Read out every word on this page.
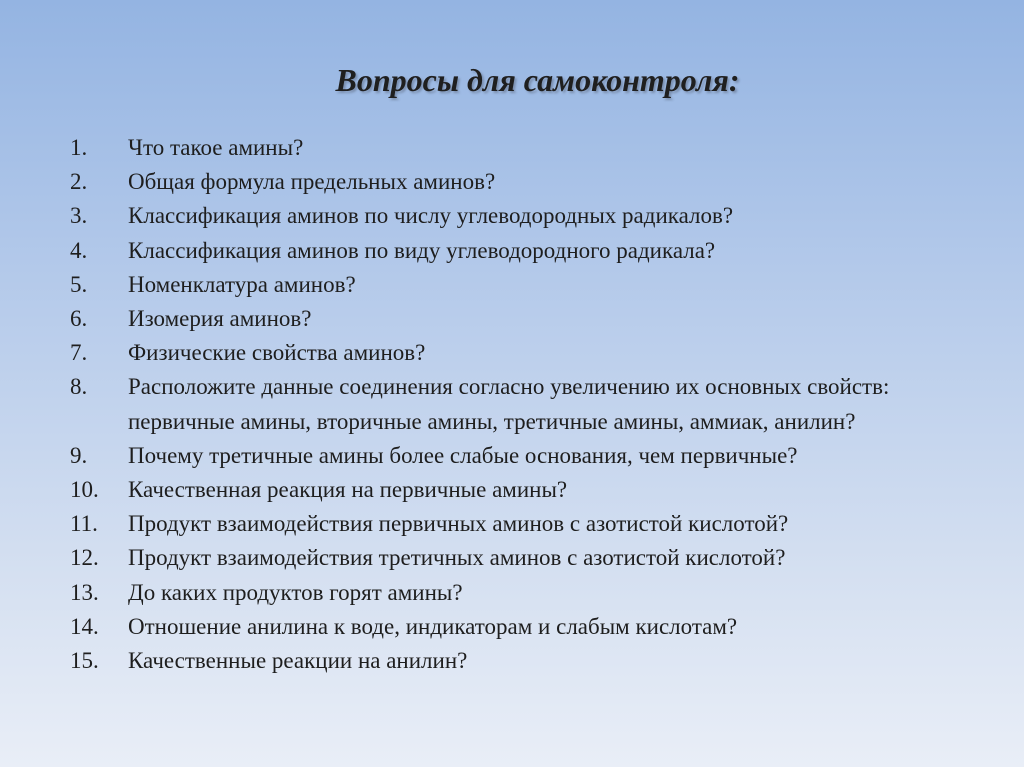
Вопросы для самоконтроля:
1.	Что такое амины?
2.	Общая формула предельных аминов?
3.	Классификация аминов по числу углеводородных радикалов?
4.	Классификация аминов по виду углеводородного радикала?
5.	Номенклатура аминов?
6.	Изомерия аминов?
7.	Физические свойства аминов?
8.	Расположите данные соединения согласно увеличению их основных свойств: первичные амины, вторичные амины, третичные амины, аммиак, анилин?
9.	Почему третичные амины более слабые основания, чем первичные?
10.	Качественная реакция на первичные амины?
11.	Продукт взаимодействия первичных аминов с азотистой кислотой?
12.	Продукт взаимодействия третичных аминов с азотистой кислотой?
13.	До каких продуктов горят амины?
14.	Отношение анилина к воде, индикаторам и слабым кислотам?
15.	Качественные реакции на анилин?
